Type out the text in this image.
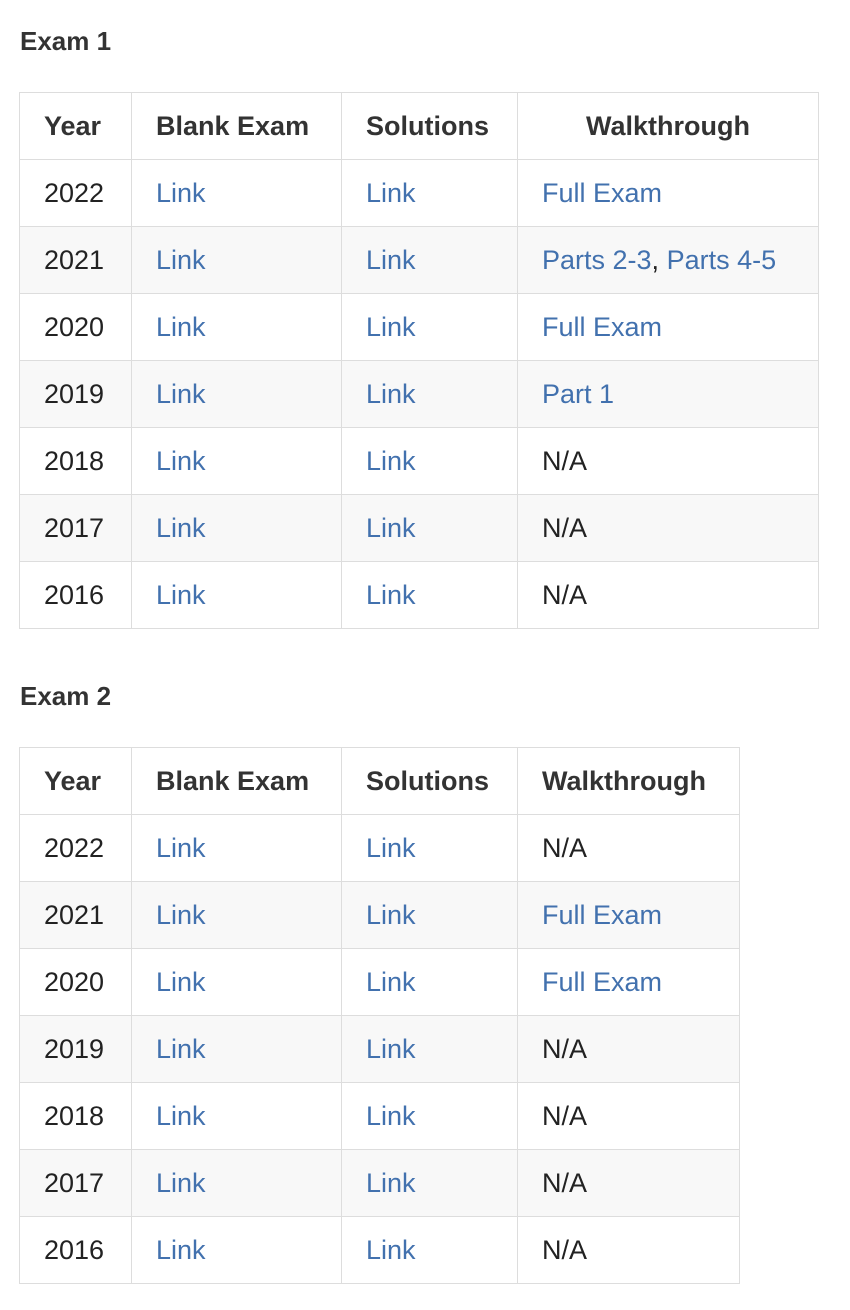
Exam 1
Year	Blank Exam	Solutions	Walkthrough
2022	Link	Link	Full Exam
2021	Link	Link	Parts 2-3, Parts 4-5
2020	Link	Link	Full Exam
2019	Link	Link	Part 1
2018	Link	Link	N/A
2017	Link	Link	N/A
2016	Link	Link	N/A
Exam 2
Year	Blank Exam	Solutions	Walkthrough
2022	Link	Link	N/A
2021	Link	Link	Full Exam
2020	Link	Link	Full Exam
2019	Link	Link	N/A
2018	Link	Link	N/A
2017	Link	Link	N/A
2016	Link	Link	N/A
